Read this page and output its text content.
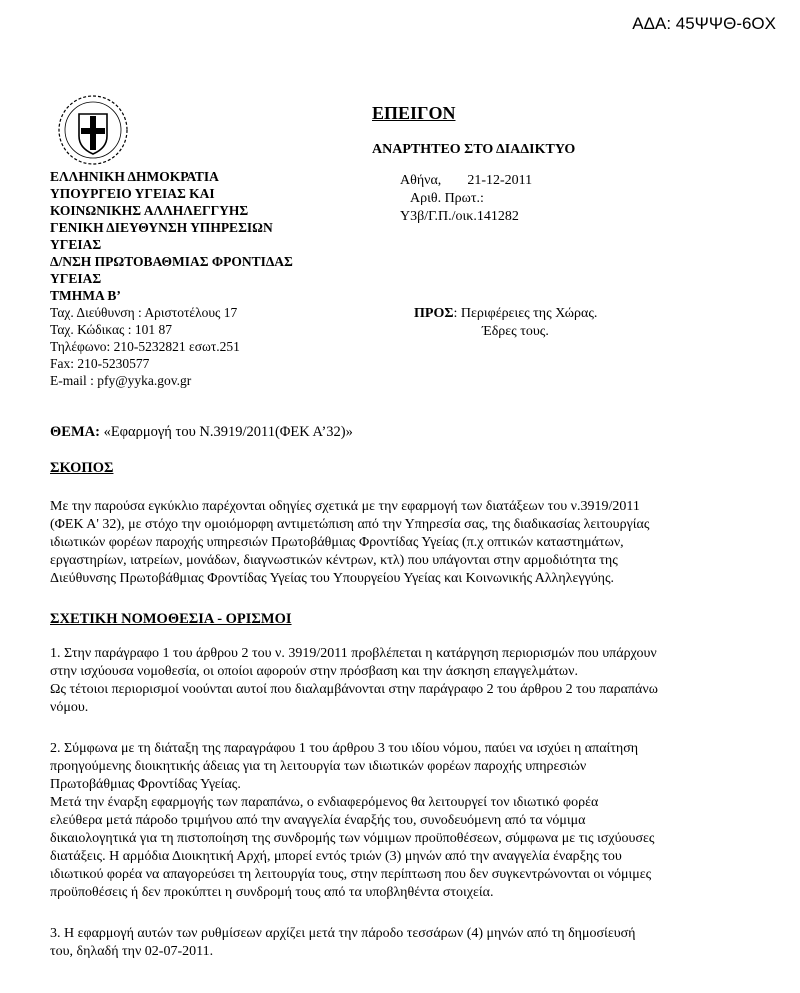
ΑΔΑ: 45ΨΨΘ-6ΟΧ
ΕΠΕΙΓΟΝ
ΑΝΑΡΤΗΤΕΟ ΣΤΟ ΔΙΑΔΙΚΤΥΟ
ΕΛΛΗΝΙΚΗ ΔΗΜΟΚΡΑΤΙΑ
ΥΠΟΥΡΓΕΙΟ ΥΓΕΙΑΣ ΚΑΙ
ΚΟΙΝΩΝΙΚΗΣ ΑΛΛΗΛΕΓΓΥΗΣ
ΓΕΝΙΚΗ ΔΙΕΥΘΥΝΣΗ ΥΠΗΡΕΣΙΩΝ
ΥΓΕΙΑΣ
Δ/ΝΣΗ ΠΡΩΤΟΒΑΘΜΙΑΣ ΦΡΟΝΤΙΔΑΣ
ΥΓΕΙΑΣ
ΤΜΗΜΑ Β’
Ταχ. Διεύθυνση : Αριστοτέλους 17
Ταχ. Κώδικας : 101 87
Τηλέφωνο: 210-5232821 εσωτ.251
Fax: 210-5230577
E-mail : pfy@yyka.gov.gr
Αθήνα, 21-12-2011
Αριθ. Πρωτ.:
Υ3β/Γ.Π./οικ.141282
ΠΡΟΣ: Περιφέρειες της Χώρας.
Έδρες τους.
ΘΕΜΑ: «Εφαρμογή του Ν.3919/2011(ΦΕΚ Α’32)»
ΣΚΟΠΟΣ

Με την παρούσα εγκύκλιο παρέχονται οδηγίες σχετικά με την εφαρμογή των διατάξεων του ν.3919/2011

(ΦΕΚ Α' 32), με στόχο την ομοιόμορφη αντιμετώπιση από την Υπηρεσία σας, της διαδικασίας λειτουργίας

ιδιωτικών φορέων παροχής υπηρεσιών Πρωτοβάθμιας Φροντίδας Υγείας (π.χ οπτικών καταστημάτων,

εργαστηρίων, ιατρείων, μονάδων, διαγνωστικών κέντρων, κτλ) που υπάγονται στην αρμοδιότητα της

Διεύθυνσης Πρωτοβάθμιας Φροντίδας Υγείας του Υπουργείου Υγείας και Κοινωνικής Αλληλεγγύης.

ΣΧΕΤΙΚΗ ΝΟΜΟΘΕΣΙΑ - ΟΡΙΣΜΟΙ

1. Στην παράγραφο 1 του άρθρου 2 του ν. 3919/2011 προβλέπεται η κατάργηση περιορισμών που υπάρχουν

στην ισχύουσα νομοθεσία, οι οποίοι αφορούν στην πρόσβαση και την άσκηση επαγγελμάτων.

Ως τέτοιοι περιορισμοί νοούνται αυτοί που διαλαμβάνονται στην παράγραφο 2 του άρθρου 2 του παραπάνω

νόμου.

2. Σύμφωνα με τη διάταξη της παραγράφου 1 του άρθρου 3 του ιδίου νόμου, παύει να ισχύει η απαίτηση

προηγούμενης διοικητικής άδειας για τη λειτουργία των ιδιωτικών φορέων παροχής υπηρεσιών

Πρωτοβάθμιας Φροντίδας Υγείας.

Μετά την έναρξη εφαρμογής των παραπάνω, ο ενδιαφερόμενος θα λειτουργεί τον ιδιωτικό φορέα

ελεύθερα μετά πάροδο τριμήνου από την αναγγελία έναρξής του, συνοδευόμενη από τα νόμιμα

δικαιολογητικά για τη πιστοποίηση της συνδρομής των νόμιμων προϋποθέσεων, σύμφωνα με τις ισχύουσες

διατάξεις. Η αρμόδια Διοικητική Αρχή, μπορεί εντός τριών (3) μηνών από την αναγγελία έναρξης του

ιδιωτικού φορέα να απαγορεύσει τη λειτουργία τους, στην περίπτωση που δεν συγκεντρώνονται οι νόμιμες

προϋποθέσεις ή δεν προκύπτει η συνδρομή τους από τα υποβληθέντα στοιχεία.

3. Η εφαρμογή αυτών των ρυθμίσεων αρχίζει μετά την πάροδο τεσσάρων (4) μηνών από τη δημοσίευσή

του, δηλαδή την 02-07-2011.
